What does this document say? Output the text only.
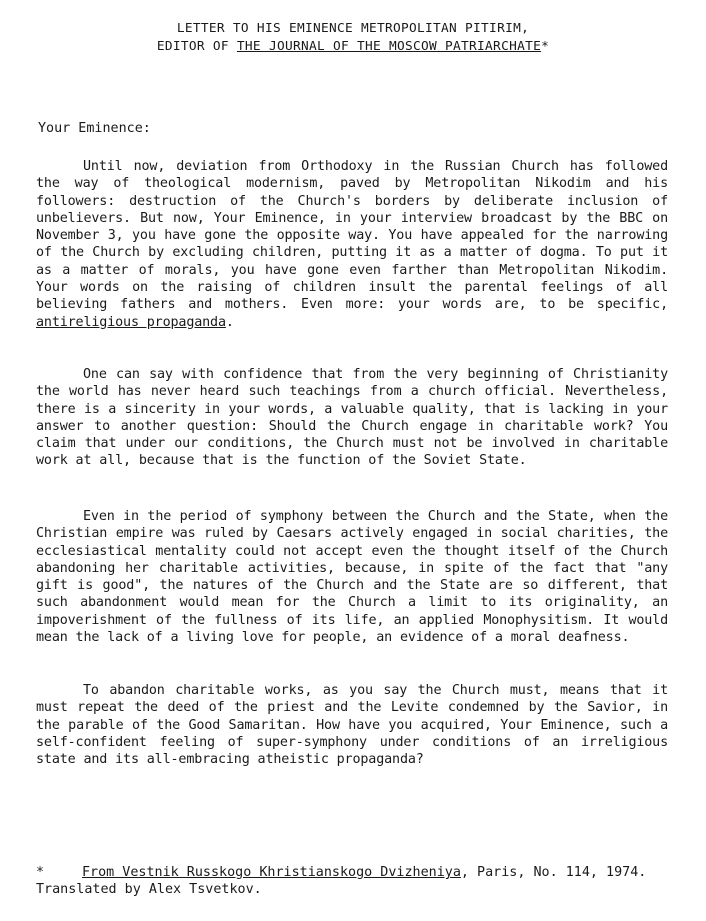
LETTER TO HIS EMINENCE METROPOLITAN PITIRIM,
EDITOR OF THE JOURNAL OF THE MOSCOW PATRIARCHATE*
Your Eminence:
Until now, deviation from Orthodoxy in the Russian Church has followed the way of theological modernism, paved by Metropolitan Nikodim and his followers: destruction of the Church's borders by deliberate inclusion of unbelievers. But now, Your Eminence, in your interview broadcast by the BBC on November 3, you have gone the opposite way. You have appealed for the narrowing of the Church by excluding children, putting it as a matter of dogma. To put it as a matter of morals, you have gone even farther than Metropolitan Nikodim. Your words on the raising of children insult the parental feelings of all believing fathers and mothers. Even more: your words are, to be specific, antireligious propaganda.
One can say with confidence that from the very beginning of Christianity the world has never heard such teachings from a church official. Nevertheless, there is a sincerity in your words, a valuable quality, that is lacking in your answer to another question: Should the Church engage in charitable work? You claim that under our conditions, the Church must not be involved in charitable work at all, because that is the function of the Soviet State.
Even in the period of symphony between the Church and the State, when the Christian empire was ruled by Caesars actively engaged in social charities, the ecclesiastical mentality could not accept even the thought itself of the Church abandoning her charitable activities, because, in spite of the fact that "any gift is good", the natures of the Church and the State are so different, that such abandonment would mean for the Church a limit to its originality, an impoverishment of the fullness of its life, an applied Monophysitism. It would mean the lack of a living love for people, an evidence of a moral deafness.
To abandon charitable works, as you say the Church must, means that it must repeat the deed of the priest and the Levite condemned by the Savior, in the parable of the Good Samaritan. How have you acquired, Your Eminence, such a self-confident feeling of super-symphony under conditions of an irreligious state and its all-embracing atheistic propaganda?
*	From Vestnik Russkogo Khristianskogo Dvizheniya, Paris, No. 114, 1974. Translated by Alex Tsvetkov.
